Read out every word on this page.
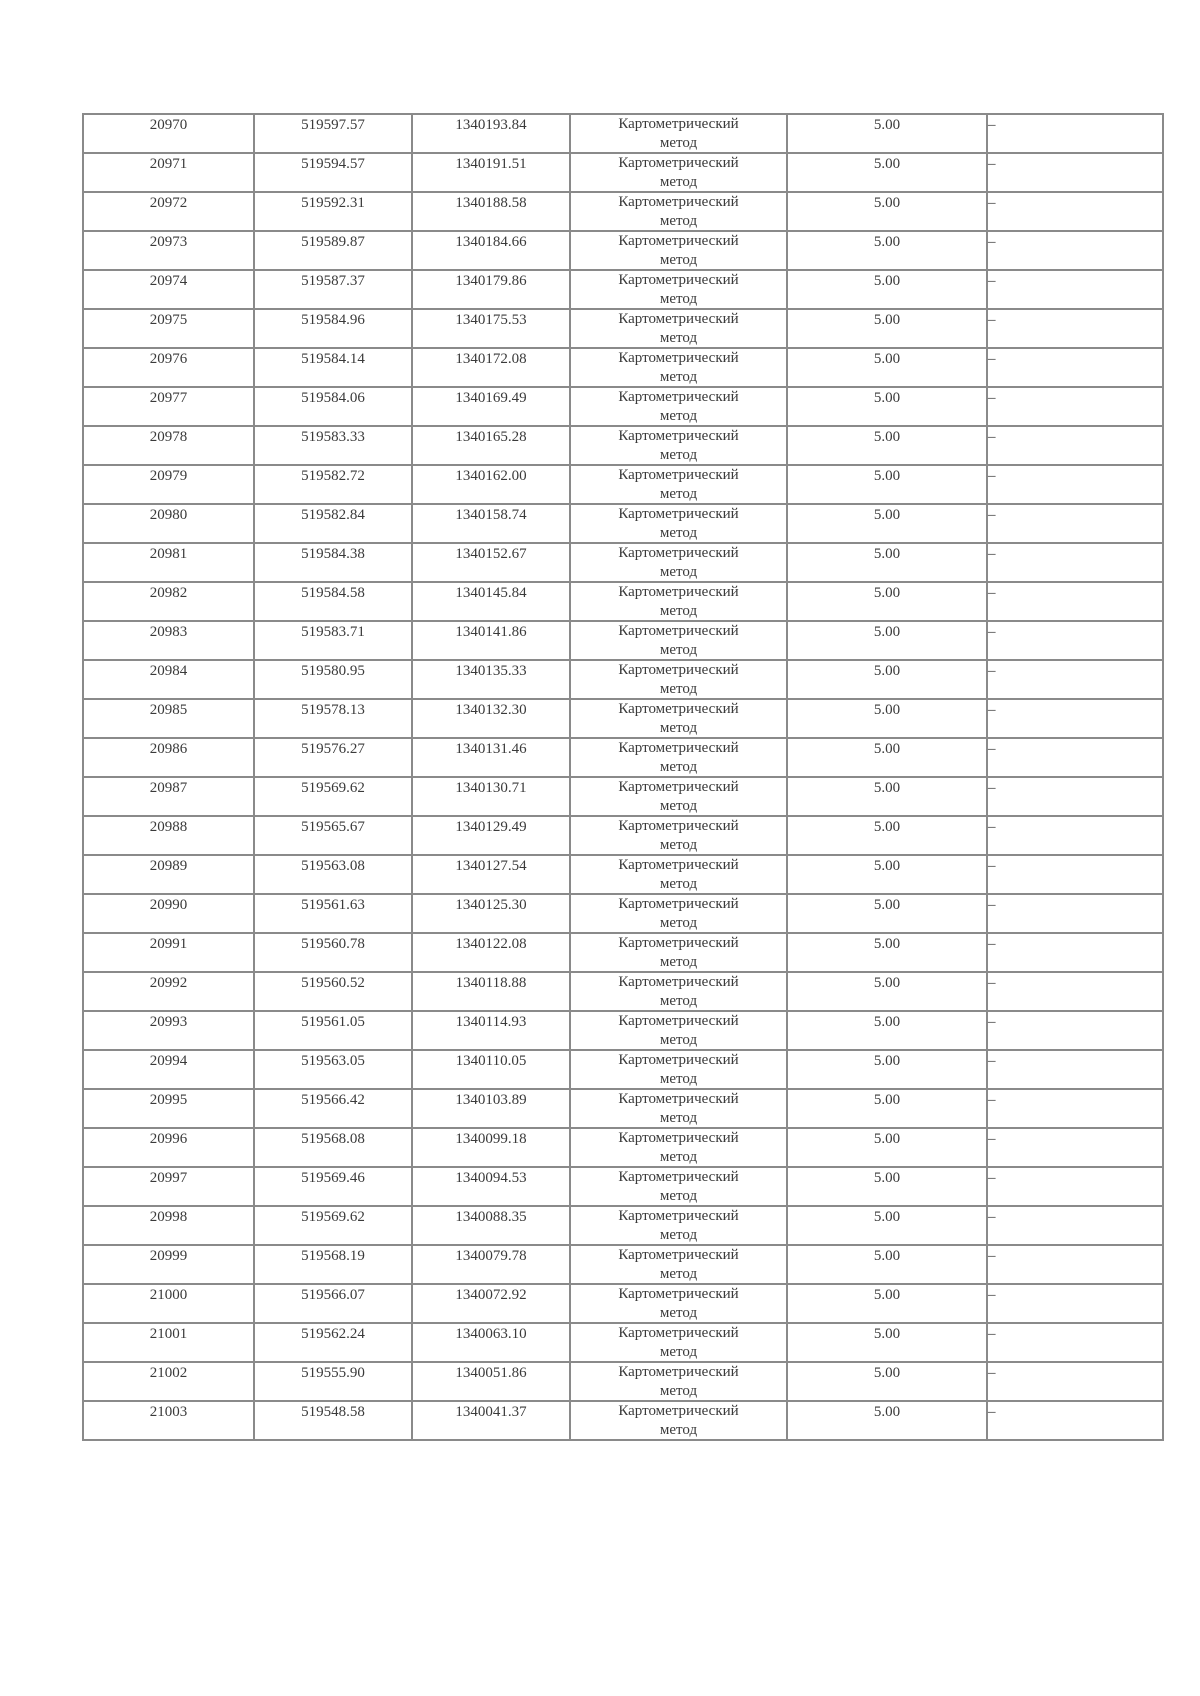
20970	519597.57	1340193.84	Картометрический
метод	5.00	–
20971	519594.57	1340191.51	Картометрический
метод	5.00	–
20972	519592.31	1340188.58	Картометрический
метод	5.00	–
20973	519589.87	1340184.66	Картометрический
метод	5.00	–
20974	519587.37	1340179.86	Картометрический
метод	5.00	–
20975	519584.96	1340175.53	Картометрический
метод	5.00	–
20976	519584.14	1340172.08	Картометрический
метод	5.00	–
20977	519584.06	1340169.49	Картометрический
метод	5.00	–
20978	519583.33	1340165.28	Картометрический
метод	5.00	–
20979	519582.72	1340162.00	Картометрический
метод	5.00	–
20980	519582.84	1340158.74	Картометрический
метод	5.00	–
20981	519584.38	1340152.67	Картометрический
метод	5.00	–
20982	519584.58	1340145.84	Картометрический
метод	5.00	–
20983	519583.71	1340141.86	Картометрический
метод	5.00	–
20984	519580.95	1340135.33	Картометрический
метод	5.00	–
20985	519578.13	1340132.30	Картометрический
метод	5.00	–
20986	519576.27	1340131.46	Картометрический
метод	5.00	–
20987	519569.62	1340130.71	Картометрический
метод	5.00	–
20988	519565.67	1340129.49	Картометрический
метод	5.00	–
20989	519563.08	1340127.54	Картометрический
метод	5.00	–
20990	519561.63	1340125.30	Картометрический
метод	5.00	–
20991	519560.78	1340122.08	Картометрический
метод	5.00	–
20992	519560.52	1340118.88	Картометрический
метод	5.00	–
20993	519561.05	1340114.93	Картометрический
метод	5.00	–
20994	519563.05	1340110.05	Картометрический
метод	5.00	–
20995	519566.42	1340103.89	Картометрический
метод	5.00	–
20996	519568.08	1340099.18	Картометрический
метод	5.00	–
20997	519569.46	1340094.53	Картометрический
метод	5.00	–
20998	519569.62	1340088.35	Картометрический
метод	5.00	–
20999	519568.19	1340079.78	Картометрический
метод	5.00	–
21000	519566.07	1340072.92	Картометрический
метод	5.00	–
21001	519562.24	1340063.10	Картометрический
метод	5.00	–
21002	519555.90	1340051.86	Картометрический
метод	5.00	–
21003	519548.58	1340041.37	Картометрический
метод	5.00	–
